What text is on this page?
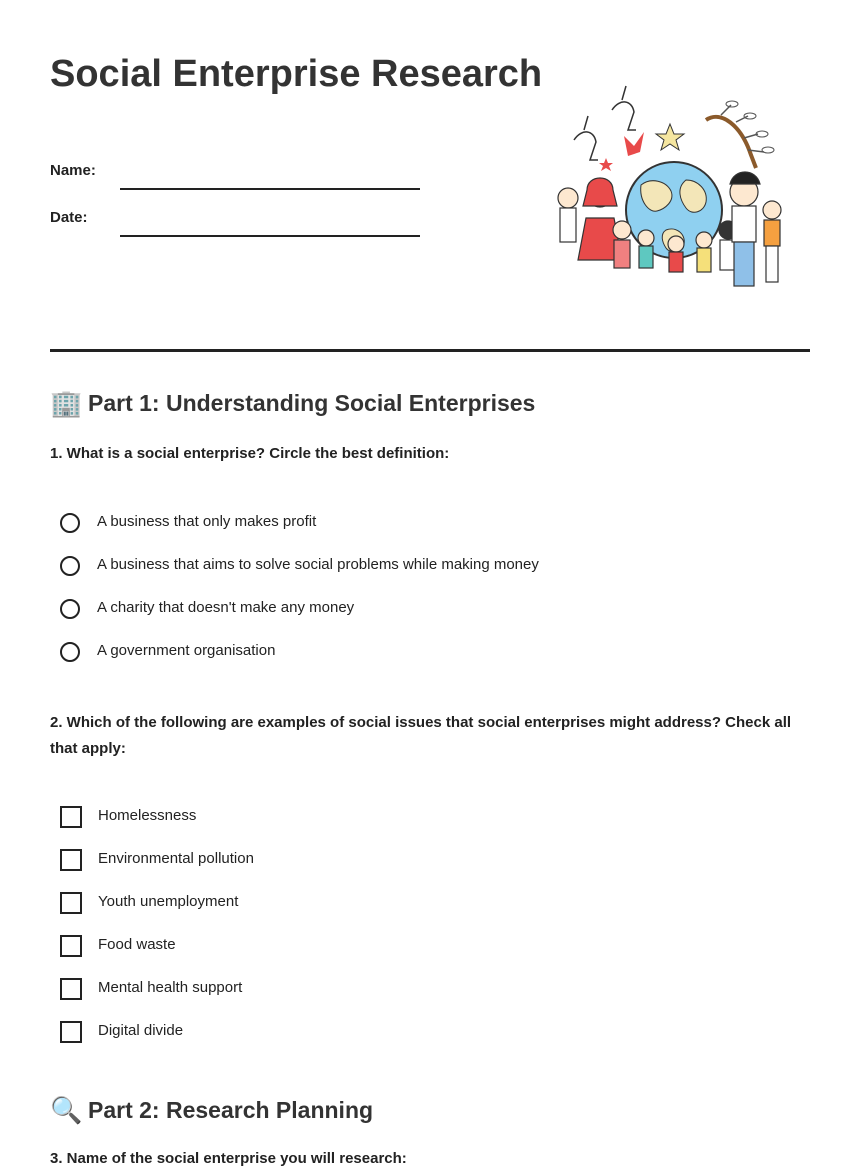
Social Enterprise Research
Name:
Date:
🏢 Part 1: Understanding Social Enterprises

1. What is a social enterprise? Circle the best definition:

A business that only makes profit
A business that aims to solve social problems while making money
A charity that doesn't make any money
A government organisation

2. Which of the following are examples of social issues that social enterprises might address? Check all that apply:

Homelessness
Environmental pollution
Youth unemployment
Food waste
Mental health support
Digital divide
🔍 Part 2: Research Planning

3. Name of the social enterprise you will research:
